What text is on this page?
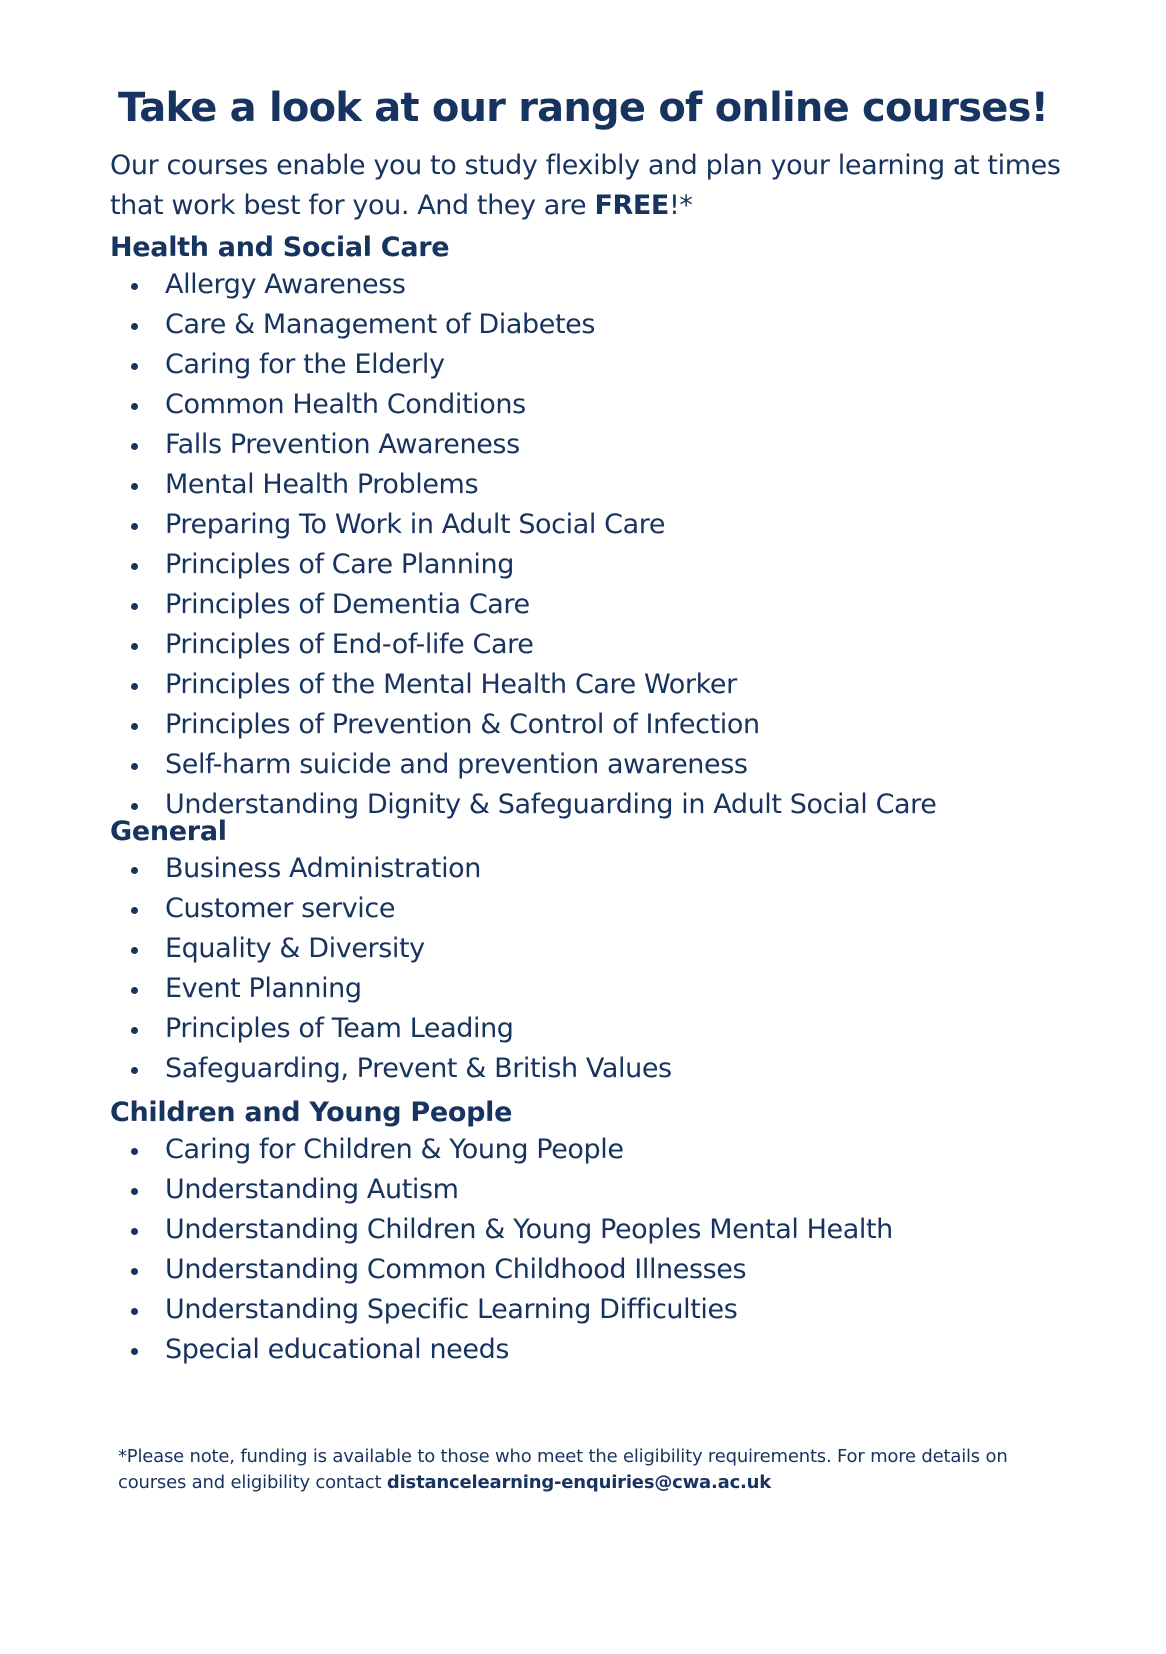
Take a look at our range of online courses!

Our courses enable you to study flexibly and plan your learning at times that work best for you. And they are FREE!*

Health and Social Care
Allergy Awareness
Care & Management of Diabetes
Caring for the Elderly
Common Health Conditions
Falls Prevention Awareness
Mental Health Problems
Preparing To Work in Adult Social Care
Principles of Care Planning
Principles of Dementia Care
Principles of End-of-life Care
Principles of the Mental Health Care Worker
Principles of Prevention & Control of Infection
Self-harm suicide and prevention awareness
Understanding Dignity & Safeguarding in Adult Social Care
General
Business Administration
Customer service
Equality & Diversity
Event Planning
Principles of Team Leading
Safeguarding, Prevent & British Values
Children and Young People
Caring for Children & Young People
Understanding Autism
Understanding Children & Young Peoples Mental Health
Understanding Common Childhood Illnesses
Understanding Specific Learning Difficulties
Special educational needs

*Please note, funding is available to those who meet the eligibility requirements. For more details on courses and eligibility contact distancelearning-enquiries@cwa.ac.uk
